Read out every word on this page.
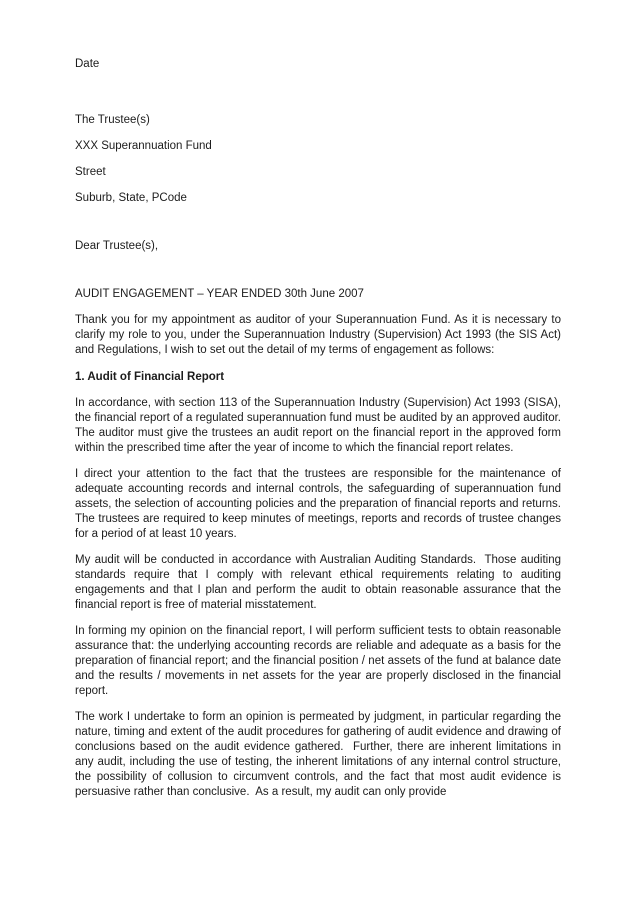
Date
The Trustee(s)
XXX Superannuation Fund
Street
Suburb, State, PCode
Dear Trustee(s),
AUDIT ENGAGEMENT – YEAR ENDED 30th June 2007
Thank you for my appointment as auditor of your Superannuation Fund. As it is necessary to clarify my role to you, under the Superannuation Industry (Supervision) Act 1993 (the SIS Act) and Regulations, I wish to set out the detail of my terms of engagement as follows:
1. Audit of Financial Report
In accordance, with section 113 of the Superannuation Industry (Supervision) Act 1993 (SISA), the financial report of a regulated superannuation fund must be audited by an approved auditor.  The auditor must give the trustees an audit report on the financial report in the approved form within the prescribed time after the year of income to which the financial report relates.
I direct your attention to the fact that the trustees are responsible for the maintenance of adequate accounting records and internal controls, the safeguarding of superannuation fund assets, the selection of accounting policies and the preparation of financial reports and returns.  The trustees are required to keep minutes of meetings, reports and records of trustee changes for a period of at least 10 years.
My audit will be conducted in accordance with Australian Auditing Standards.  Those auditing standards require that I comply with relevant ethical requirements relating to auditing engagements and that I plan and perform the audit to obtain reasonable assurance that the financial report is free of material misstatement.
In forming my opinion on the financial report, I will perform sufficient tests to obtain reasonable assurance that: the underlying accounting records are reliable and adequate as a basis for the preparation of financial report; and the financial position / net assets of the fund at balance date and the results / movements in net assets for the year are properly disclosed in the financial report.
The work I undertake to form an opinion is permeated by judgment, in particular regarding the nature, timing and extent of the audit procedures for gathering of audit evidence and drawing of conclusions based on the audit evidence gathered.  Further, there are inherent limitations in any audit, including the use of testing, the inherent limitations of any internal control structure, the possibility of collusion to circumvent controls, and the fact that most audit evidence is persuasive rather than conclusive.  As a result, my audit can only provide
